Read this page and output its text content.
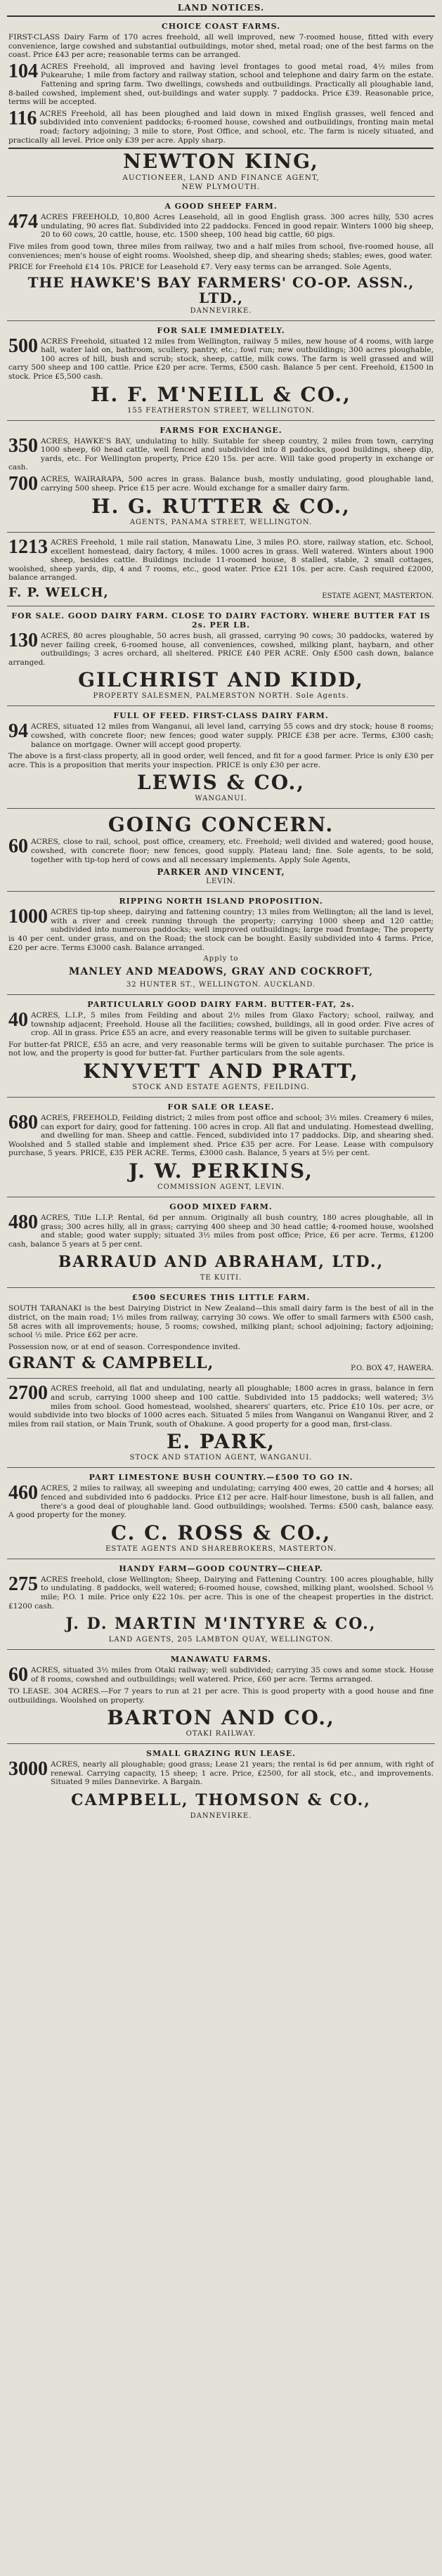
LAND NOTICES.
CHOICE COAST FARMS.
FIRST-CLASS Dairy Farm of 170 acres freehold, all well improved, new 7-roomed house, fitted with every convenience, large cowshed and substantial outbuildings, motor shed, metal road; one of the best farms on the coast. Price £43 per acre; reasonable terms can be arranged.
104 ACRES Freehold, all improved and having level frontages to good metal road, 4½ miles from Pukearuhe; 1 mile from factory and railway station, school and telephone and dairy farm on the estate. Fattening and spring farm. Two dwellings, cowsheds and outbuildings. Practically all ploughable land, 8-bailed cowshed, implement shed, out-buildings and water supply. 7 paddocks. Price £39. Reasonable price, terms will be accepted.
116 ACRES Freehold, all has been ploughed and laid down in mixed English grasses, well fenced and subdivided into convenient paddocks; 6-roomed house, cowshed and outbuildings, fronting main metal road; factory adjoining; 3 mile to store, Post Office, and school, etc. The farm is nicely situated, and practically all level. Price only £39 per acre. Apply sharp.
NEWTON KING,
AUCTIONEER, LAND AND FINANCE AGENT,
NEW PLYMOUTH.
A GOOD SHEEP FARM.
474 ACRES FREEHOLD, 10,800 Acres Leasehold, all in good English grass. 300 acres hilly, 530 acres undulating, 90 acres flat. Subdivided into 22 paddocks. Fenced in good repair. Winters 1000 big sheep, 20 to 60 cows, 20 cattle, house, etc. 1500 sheep, 100 head big cattle, 60 pigs.
Five miles from good town, three miles from railway, two and a half miles from school, five-roomed house, all conveniences; men's house of eight rooms. Woolshed, sheep dip, and shearing sheds; stables; ewes, good water.
PRICE for Freehold £14 10s. PRICE for Leasehold £7. Very easy terms can be arranged. Sole Agents,
THE HAWKE'S BAY FARMERS' CO-OP. ASSN., LTD.,
DANNEVIRKE.
FOR SALE IMMEDIATELY.
500 ACRES Freehold, situated 12 miles from Wellington, railway 5 miles, new house of 4 rooms, with large hall, water laid on, bathroom, scullery, pantry, etc.; fowl run; new outbuildings; 300 acres ploughable, 100 acres of hill, bush and scrub; stock, sheep, cattle, milk cows. The farm is well grassed and will carry 500 sheep and 100 cattle. Price £20 per acre. Terms, £500 cash. Balance 5 per cent. Freehold, £1500 in stock. Price £5,500 cash.
H. F. M'NEILL & CO.,
155 FEATHERSTON STREET, WELLINGTON.
FARMS FOR EXCHANGE.
350 ACRES, HAWKE'S BAY, undulating to hilly. Suitable for sheep country, 2 miles from town, carrying 1000 sheep, 60 head cattle, well fenced and subdivided into 8 paddocks, good buildings, sheep dip, yards, etc. For Wellington property, Price £20 15s. per acre. Will take good property in exchange or cash.
700 ACRES, WAIRARAPA, 500 acres in grass. Balance bush, mostly undulating, good ploughable land, carrying 500 sheep. Price £15 per acre. Would exchange for a smaller dairy farm.
H. G. RUTTER & CO.,
AGENTS, PANAMA STREET, WELLINGTON.
1213 ACRES Freehold, 1 mile rail station, Manawatu Line, 3 miles P.O. store, railway station, etc. School, excellent homestead, dairy factory, 4 miles. 1000 acres in grass. Well watered. Winters about 1900 sheep, besides cattle. Buildings include 11-roomed house, 8 stalled, stable, 2 small cottages, woolshed, sheep yards, dip, 4 and 7 rooms, etc., good water. Price £21 10s. per acre. Cash required £2000, balance arranged.
F. P. WELCH,	ESTATE AGENT, MASTERTON.
FOR SALE. GOOD DAIRY FARM. CLOSE TO DAIRY FACTORY. WHERE BUTTER FAT IS 2s. PER LB.
130 ACRES, 80 acres ploughable, 50 acres bush, all grassed, carrying 90 cows; 30 paddocks, watered by never failing creek, 6-roomed house, all conveniences, cowshed, milking plant, haybarn, and other outbuildings; 3 acres orchard, all sheltered. PRICE £40 PER ACRE. Only £500 cash down, balance arranged.
GILCHRIST AND KIDD,
PROPERTY SALESMEN, PALMERSTON NORTH. Sole Agents.
FULL OF FEED. FIRST-CLASS DAIRY FARM.
94 ACRES, situated 12 miles from Wanganui, all level land, carrying 55 cows and dry stock; house 8 rooms; cowshed, with concrete floor; new fences; good water supply. PRICE £38 per acre. Terms, £300 cash; balance on mortgage. Owner will accept good property.
The above is a first-class property, all in good order, well fenced, and fit for a good farmer. Price is only £30 per acre. This is a proposition that merits your inspection. PRICE is only £30 per acre.
LEWIS & CO.,
WANGANUI.
GOING CONCERN.
60 ACRES, close to rail, school, post office, creamery, etc. Freehold; well divided and watered; good house, cowshed, with concrete floor; new fences, good supply. Plateau land; fine. Sole agents, to be sold, together with tip-top herd of cows and all necessary implements. Apply Sole Agents,
PARKER AND VINCENT,
LEVIN.
RIPPING NORTH ISLAND PROPOSITION.
1000 ACRES tip-top sheep, dairying and fattening country; 13 miles from Wellington; all the land is level, with a river and creek running through the property; carrying 1000 sheep and 120 cattle; subdivided into numerous paddocks; well improved outbuildings; large road frontage; The property is 40 per cent. under grass, and on the Road; the stock can be bought. Easily subdivided into 4 farms. Price, £20 per acre. Terms £3000 cash. Balance arranged.
Apply to
MANLEY AND MEADOWS, GRAY AND COCKROFT,
32 HUNTER ST., WELLINGTON. AUCKLAND.
PARTICULARLY GOOD DAIRY FARM. BUTTER-FAT, 2s.
40 ACRES, L.I.P., 5 miles from Feilding and about 2½ miles from Glaxo Factory; school, railway, and township adjacent; Freehold. House all the facilities; cowshed, buildings, all in good order. Five acres of crop. All in grass. Price £55 an acre, and every reasonable terms will be given to suitable purchaser.
For butter-fat PRICE, £55 an acre, and very reasonable terms will be given to suitable purchaser. The price is not low, and the property is good for butter-fat. Further particulars from the sole agents.
KNYVETT AND PRATT,
STOCK AND ESTATE AGENTS, FEILDING.
FOR SALE OR LEASE.
680 ACRES, FREEHOLD, Feilding district; 2 miles from post office and school; 3½ miles. Creamery 6 miles, can export for dairy, good for fattening. 100 acres in crop. All flat and undulating. Homestead dwelling, and dwelling for man. Sheep and cattle. Fenced, subdivided into 17 paddocks. Dip, and shearing shed. Woolshed and 5 stalled stable and implement shed. Price £35 per acre. For Lease. Lease with compulsory purchase, 5 years. PRICE, £35 PER ACRE. Terms, £3000 cash. Balance, 5 years at 5½ per cent.
J. W. PERKINS,
COMMISSION AGENT, LEVIN.
GOOD MIXED FARM.
480 ACRES, Title L.I.P. Rental, 6d per annum. Originally all bush country, 180 acres ploughable, all in grass; 300 acres hilly, all in grass; carrying 400 sheep and 30 head cattle; 4-roomed house, woolshed and stable; good water supply; situated 3½ miles from post office; Price, £6 per acre. Terms, £1200 cash, balance 5 years at 5 per cent.
BARRAUD AND ABRAHAM, LTD.,
TE KUITI.
£500 SECURES THIS LITTLE FARM.
SOUTH TARANAKI is the best Dairying District in New Zealand—this small dairy farm is the best of all in the district, on the main road; 1½ miles from railway, carrying 30 cows. We offer to small farmers with £500 cash, 58 acres with all improvements; house, 5 rooms; cowshed, milking plant; school adjoining; factory adjoining; school ½ mile. Price £62 per acre.
Possession now, or at end of season. Correspondence invited.
GRANT & CAMPBELL,	P.O. BOX 47, HAWERA.
2700 ACRES freehold, all flat and undulating, nearly all ploughable; 1800 acres in grass, balance in fern and scrub, carrying 1000 sheep and 100 cattle. Subdivided into 15 paddocks; well watered; 3½ miles from school. Good homestead, woolshed, shearers' quarters, etc. Price £10 10s. per acre, or would subdivide into two blocks of 1000 acres each. Situated 5 miles from Wanganui on Wanganui River, and 2 miles from rail station, or Main Trunk, south of Ohakune. A good property for a good man, first-class.
E. PARK,
STOCK AND STATION AGENT, WANGANUI.
PART LIMESTONE BUSH COUNTRY.—£500 TO GO IN.
460 ACRES, 2 miles to railway, all sweeping and undulating; carrying 400 ewes, 20 cattle and 4 horses; all fenced and subdivided into 6 paddocks. Price £12 per acre. Half-hour limestone, bush is all fallen, and there's a good deal of ploughable land. Good outbuildings; woolshed. Terms: £500 cash, balance easy. A good property for the money.
C. C. ROSS & CO.,
ESTATE AGENTS AND SHAREBROKERS, MASTERTON.
HANDY FARM—GOOD COUNTRY—CHEAP.
275 ACRES freehold, close Wellington; Sheep, Dairying and Fattening Country. 100 acres ploughable, hilly to undulating. 8 paddocks, well watered; 6-roomed house, cowshed, milking plant, woolshed. School ½ mile; P.O. 1 mile. Price only £22 10s. per acre. This is one of the cheapest properties in the district. £1200 cash.
J. D. MARTIN M'INTYRE & CO.,
LAND AGENTS, 205 LAMBTON QUAY, WELLINGTON.
MANAWATU FARMS.
60 ACRES, situated 3½ miles from Otaki railway; well subdivided; carrying 35 cows and some stock. House of 8 rooms, cowshed and outbuildings; well watered. Price, £60 per acre. Terms arranged.
TO LEASE. 304 ACRES.—For 7 years to run at 21 per acre. This is good property with a good house and fine outbuildings. Woolshed on property.
BARTON AND CO.,
OTAKI RAILWAY.
SMALL GRAZING RUN LEASE.
3000 ACRES, nearly all ploughable; good grass; Lease 21 years; the rental is 6d per annum, with right of renewal. Carrying capacity, 15 sheep; 1 acre. Price, £2500, for all stock, etc., and improvements. Situated 9 miles Dannevirke. A Bargain.
CAMPBELL, THOMSON & CO.,
DANNEVIRKE.
